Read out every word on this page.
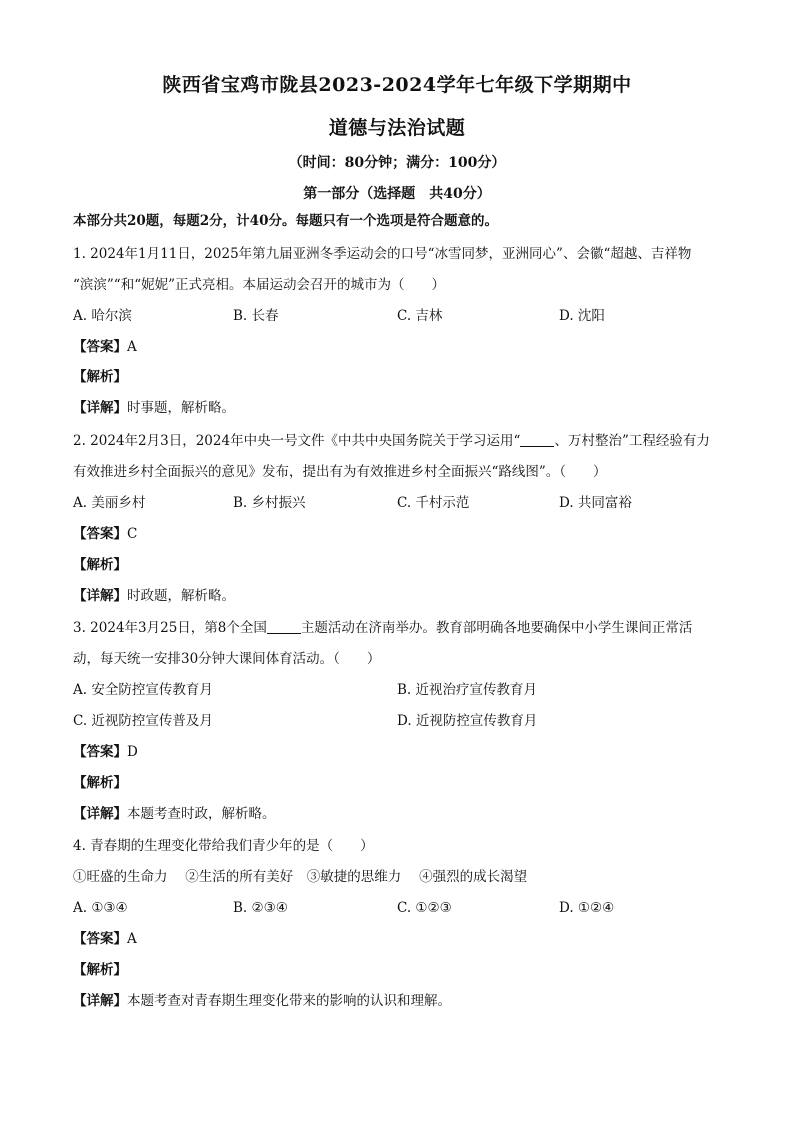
陕西省宝鸡市陇县2023-2024学年七年级下学期期中
道德与法治试题
（时间：80分钟；满分：100分）
第一部分（选择题　共40分）
本部分共20题，每题2分，计40分。每题只有一个选项是符合题意的。
1. 2024年1月11日，2025年第九届亚洲冬季运动会的口号“冰雪同梦，亚洲同心”、会徽“超越、吉祥物
“滨滨”“和“妮妮”正式亮相。本届运动会召开的城市为（　　）
A. 哈尔滨	B. 长春	C. 吉林	D. 沈阳
【答案】A
【解析】
【详解】时事题，解析略。
2. 2024年2月3日，2024年中央一号文件《中共中央国务院关于学习运用“	、万村整治”工程经验有力
有效推进乡村全面振兴的意见》发布，提出有为有效推进乡村全面振兴“路线图”。（　　）
A. 美丽乡村	B. 乡村振兴	C. 千村示范	D. 共同富裕
【答案】C
【解析】
【详解】时政题，解析略。
3. 2024年3月25日，第8个全国	主题活动在济南举办。教育部明确各地要确保中小学生课间正常活
动，每天统一安排30分钟大课间体育活动。（　　）
A. 安全防控宣传教育月	B. 近视治疗宣传教育月
C. 近视防控宣传普及月	D. 近视防控宣传教育月
【答案】D
【解析】
【详解】本题考查时政，解析略。
4. 青春期的生理变化带给我们青少年的是（　　）
①旺盛的生命力　 ②生活的所有美好　③敏捷的思维力　 ④强烈的成长渴望
A. ①③④	B. ②③④	C. ①②③	D. ①②④
【答案】A
【解析】
【详解】本题考查对青春期生理变化带来的影响的认识和理解。
